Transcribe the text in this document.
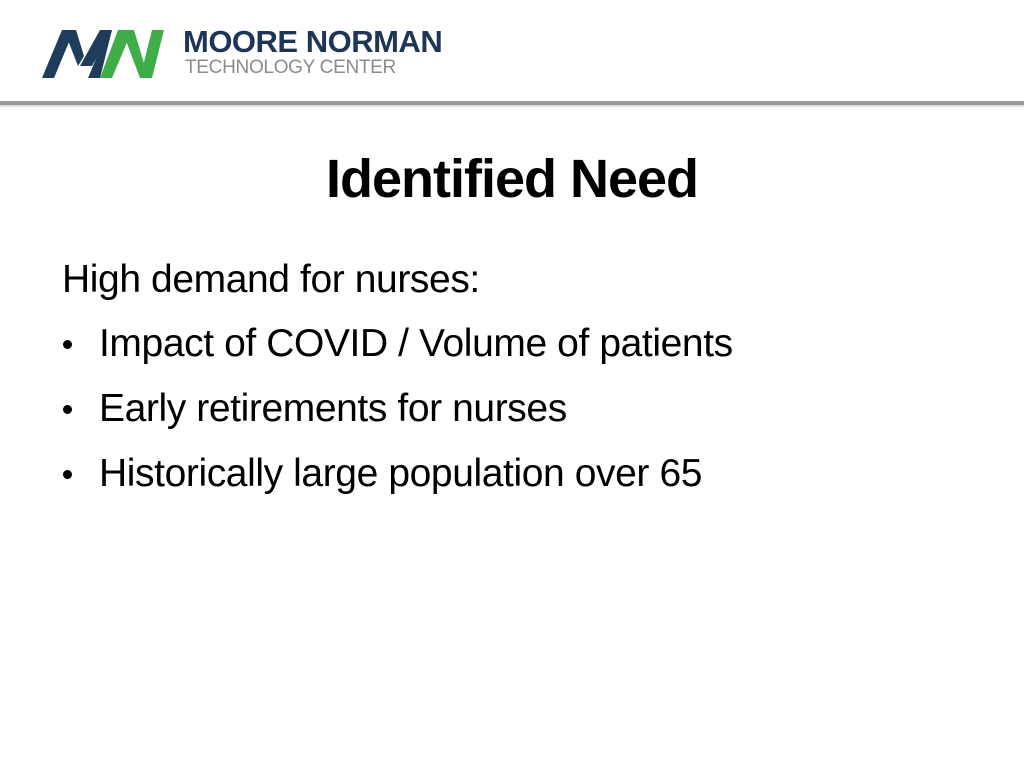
MOORE NORMAN
TECHNOLOGY CENTER
Identified Need
High demand for nurses:
Impact of COVID / Volume of patients
Early retirements for nurses
Historically large population over 65
